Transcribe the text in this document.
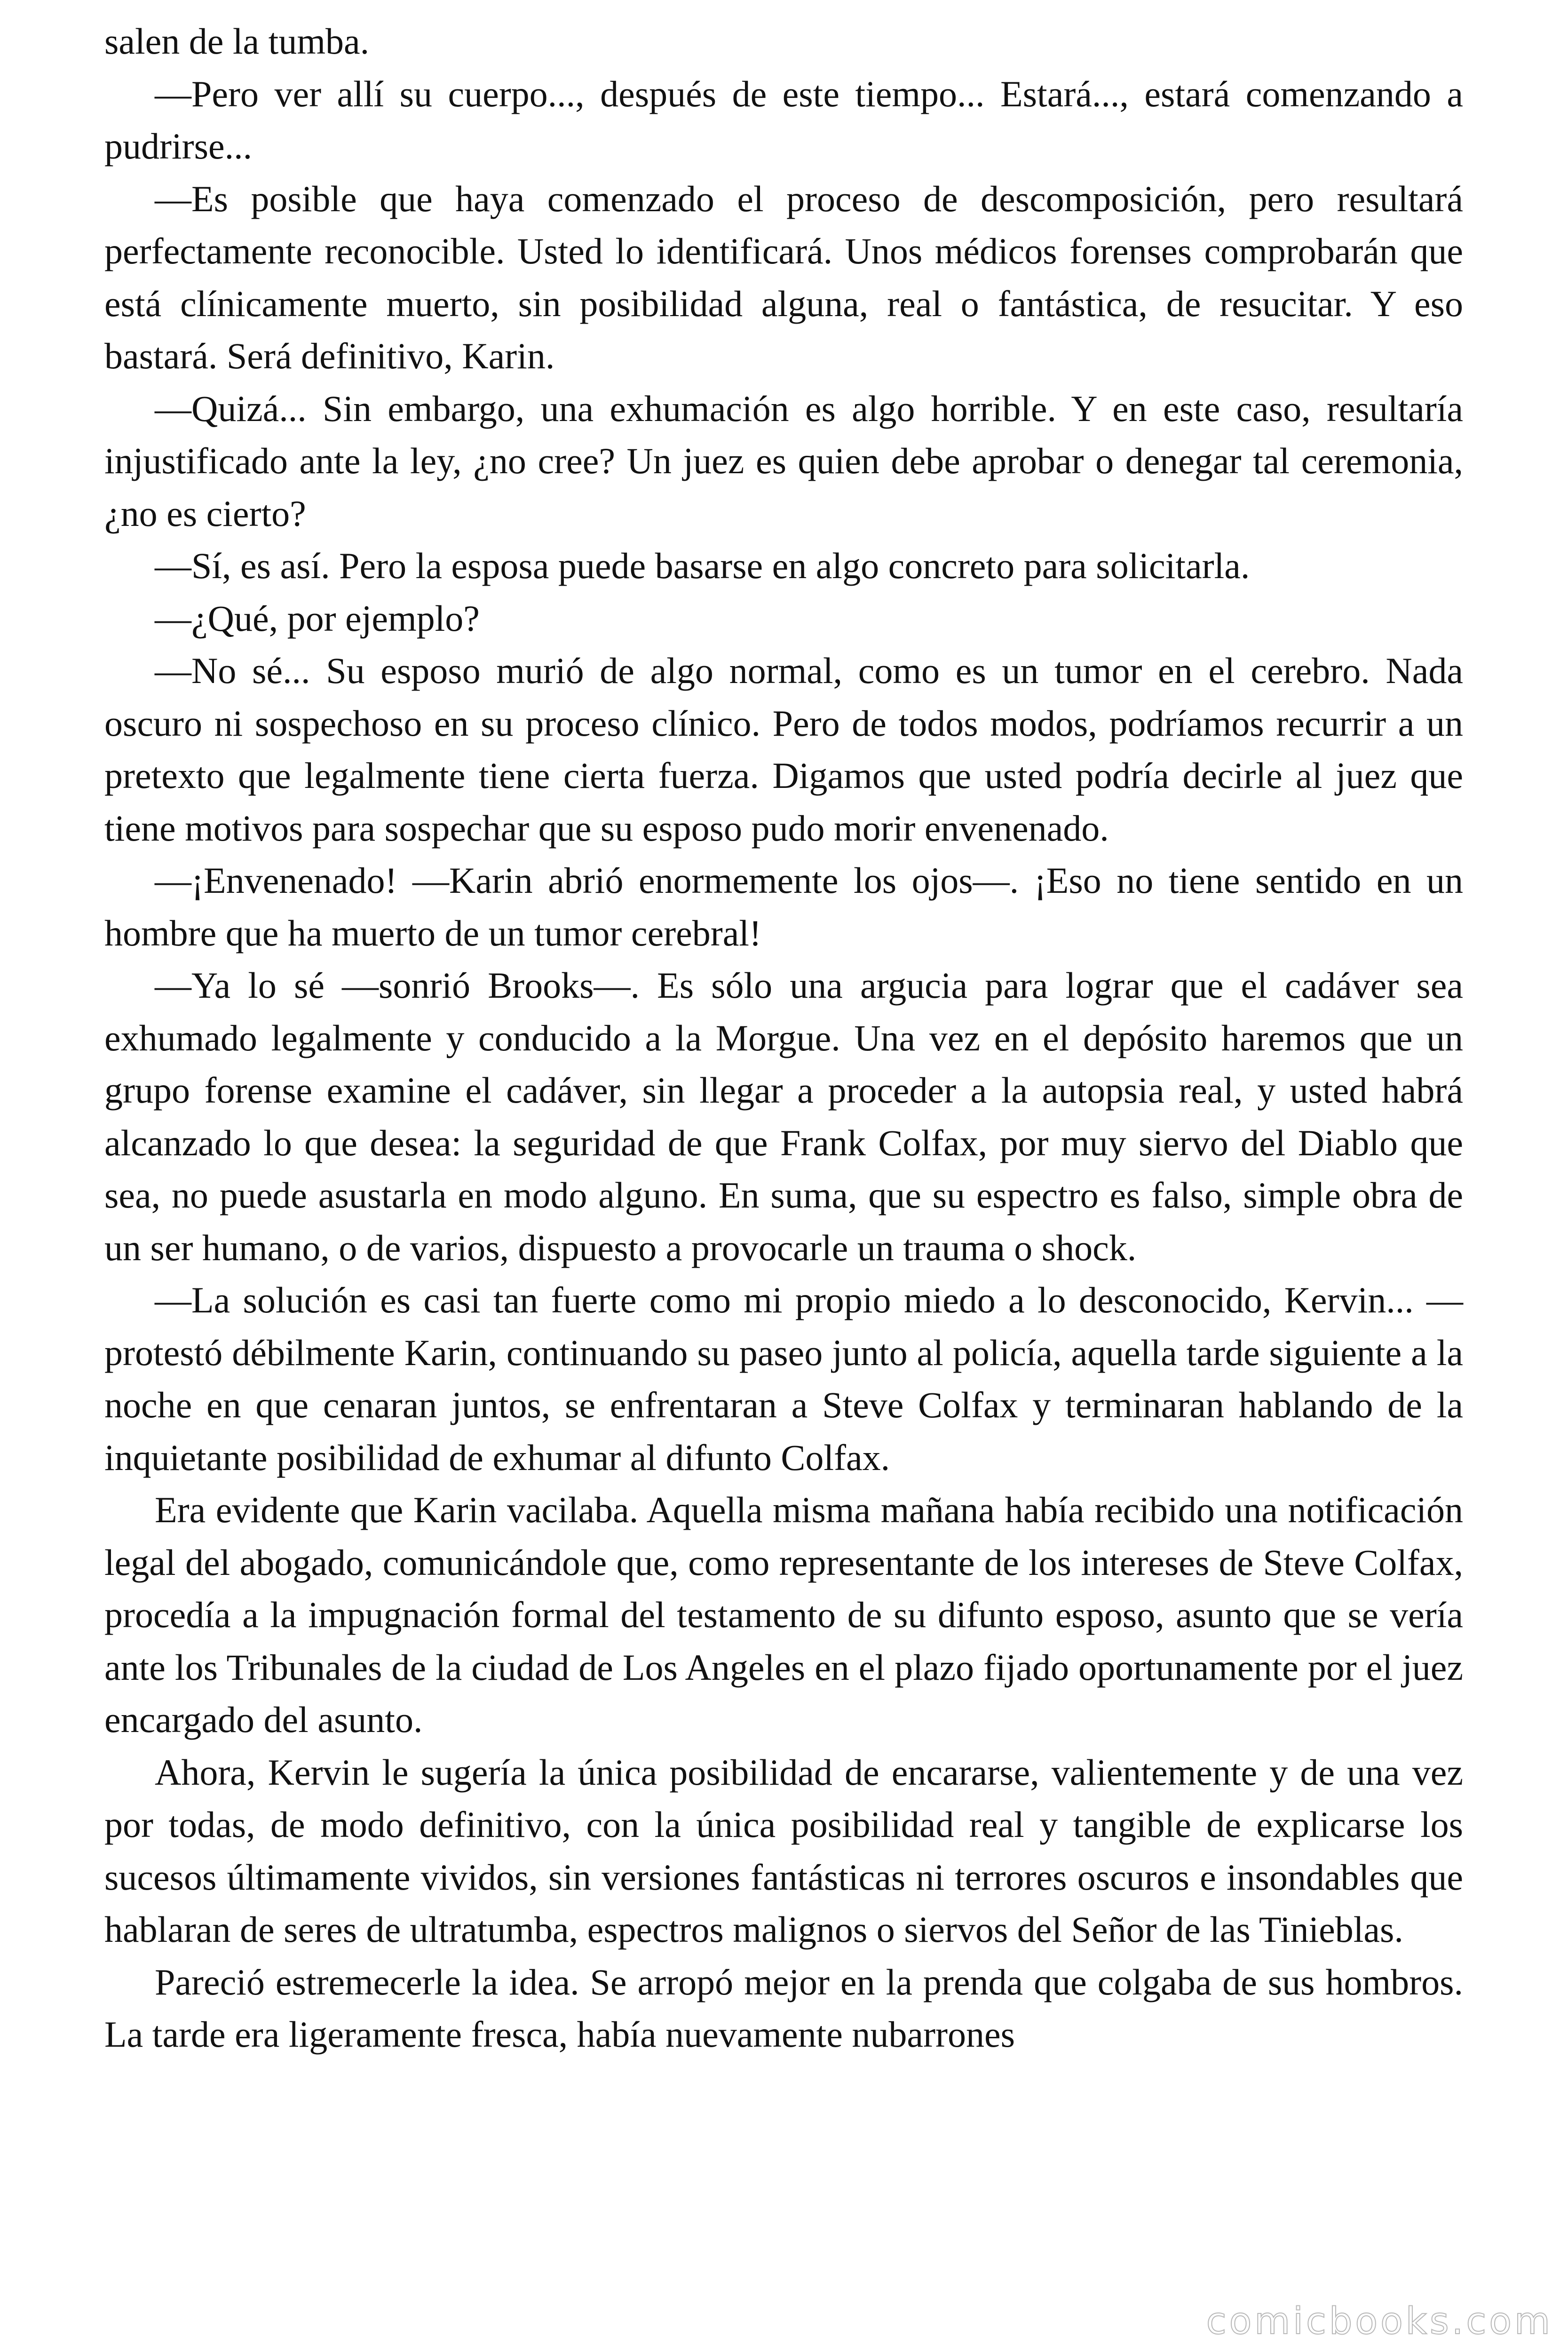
salen de la tumba.

—Pero ver allí su cuerpo..., después de este tiempo... Estará..., estará comenzando a pudrirse...

—Es posible que haya comenzado el proceso de descomposición, pero resultará perfectamente reconocible. Usted lo identificará. Unos médicos forenses comprobarán que está clínicamente muerto, sin posibilidad alguna, real o fantástica, de resucitar. Y eso bastará. Será definitivo, Karin.

—Quizá... Sin embargo, una exhumación es algo horrible. Y en este caso, resultaría injustificado ante la ley, ¿no cree? Un juez es quien debe aprobar o denegar tal ceremonia, ¿no es cierto?

—Sí, es así. Pero la esposa puede basarse en algo concreto para solicitarla.

—¿Qué, por ejemplo?

—No sé... Su esposo murió de algo normal, como es un tumor en el cerebro. Nada oscuro ni sospechoso en su proceso clínico. Pero de todos modos, podríamos recurrir a un pretexto que legalmente tiene cierta fuerza. Digamos que usted podría decirle al juez que tiene motivos para sospechar que su esposo pudo morir envenenado.

—¡Envenenado! —Karin abrió enormemente los ojos—. ¡Eso no tiene sentido en un hombre que ha muerto de un tumor cerebral!

—Ya lo sé —sonrió Brooks—. Es sólo una argucia para lograr que el cadáver sea exhumado legalmente y conducido a la Morgue. Una vez en el depósito haremos que un grupo forense examine el cadáver, sin llegar a proceder a la autopsia real, y usted habrá alcanzado lo que desea: la seguridad de que Frank Colfax, por muy siervo del Diablo que sea, no puede asustarla en modo alguno. En suma, que su espectro es falso, simple obra de un ser humano, o de varios, dispuesto a provocarle un trauma o shock.

—La solución es casi tan fuerte como mi propio miedo a lo desconocido, Kervin... —protestó débilmente Karin, continuando su paseo junto al policía, aquella tarde siguiente a la noche en que cenaran juntos, se enfrentaran a Steve Colfax y terminaran hablando de la inquietante posibilidad de exhumar al difunto Colfax.

Era evidente que Karin vacilaba. Aquella misma mañana había recibido una notificación legal del abogado, comunicándole que, como representante de los intereses de Steve Colfax, procedía a la impugnación formal del testamento de su difunto esposo, asunto que se vería ante los Tribunales de la ciudad de Los Angeles en el plazo fijado oportunamente por el juez encargado del asunto.

Ahora, Kervin le sugería la única posibilidad de encararse, valientemente y de una vez por todas, de modo definitivo, con la única posibilidad real y tangible de explicarse los sucesos últimamente vividos, sin versiones fantásticas ni terrores oscuros e insondables que hablaran de seres de ultratumba, espectros malignos o siervos del Señor de las Tinieblas.

Pareció estremecerle la idea. Se arropó mejor en la prenda que colgaba de sus hombros. La tarde era ligeramente fresca, había nuevamente nubarrones

comicbooks.com
